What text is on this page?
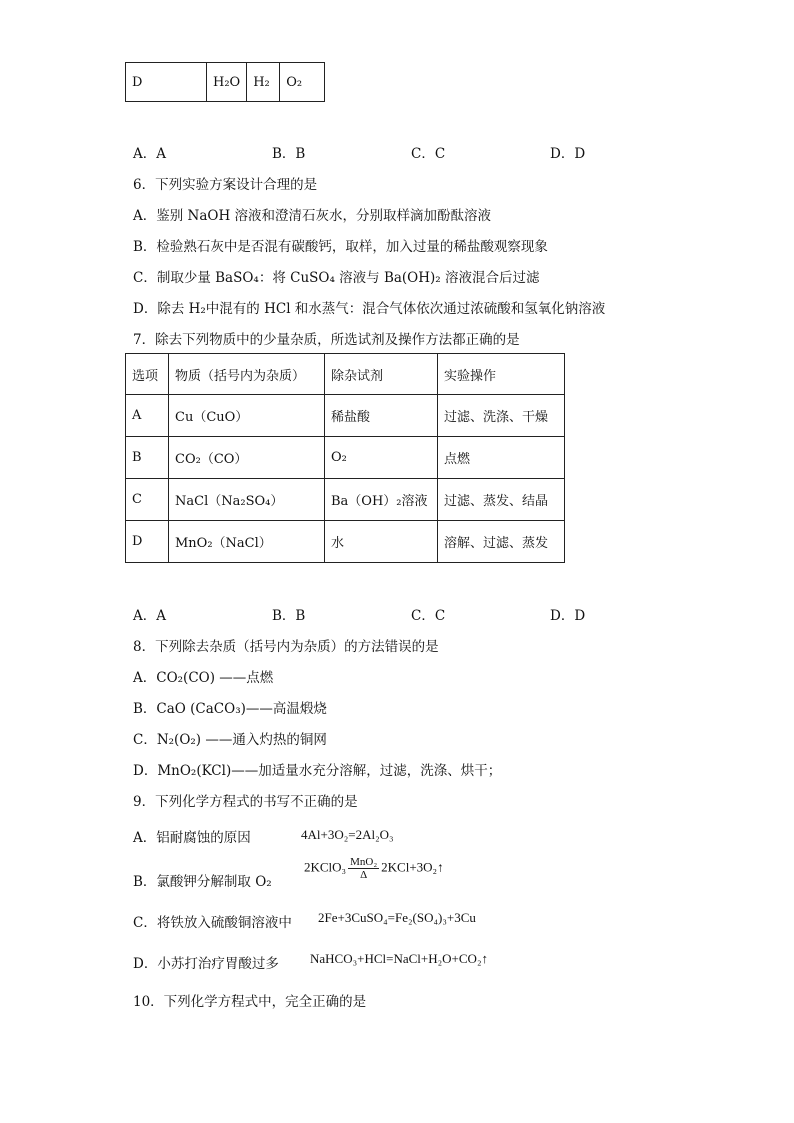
D	H₂O	H₂	O₂
A．A	B．B	C．C	D．D
6．下列实验方案设计合理的是
A．鉴别 NaOH 溶液和澄清石灰水，分别取样滴加酚酞溶液
B．检验熟石灰中是否混有碳酸钙，取样，加入过量的稀盐酸观察现象
C．制取少量 BaSO₄：将 CuSO₄ 溶液与 Ba(OH)₂ 溶液混合后过滤
D．除去 H₂中混有的 HCl 和水蒸气：混合气体依次通过浓硫酸和氢氧化钠溶液
7．除去下列物质中的少量杂质，所选试剂及操作方法都正确的是
选项	物质（括号内为杂质）	除杂试剂	实验操作
A	Cu（CuO）	稀盐酸	过滤、洗涤、干燥
B	CO₂（CO）	O₂	点燃
C	NaCl（Na₂SO₄）	Ba（OH）₂溶液	过滤、蒸发、结晶
D	MnO₂（NaCl）	水	溶解、过滤、蒸发
A．A	B．B	C．C	D．D
8．下列除去杂质（括号内为杂质）的方法错误的是
A．CO₂(CO) ——点燃
B．CaO (CaCO₃)——高温煅烧
C．N₂(O₂) ——通入灼热的铜网
D．MnO₂(KCl)——加适量水充分溶解，过滤，洗涤、烘干；
9．下列化学方程式的书写不正确的是
A．铝耐腐蚀的原因	4Al+3O₂=2Al₂O₃
B．氯酸钾分解制取 O₂
2KClO₃ $\frac{\text{MnO₂}}{\Delta}$ 2KCl+3O₂↑
C．将铁放入硫酸铜溶液中 2Fe+3CuSO₄=Fe₂(SO₄)₃+3Cu
D．小苏打治疗胃酸过多 NaHCO₃+HCl=NaCl+H₂O+CO₂↑
10．下列化学方程式中，完全正确的是
